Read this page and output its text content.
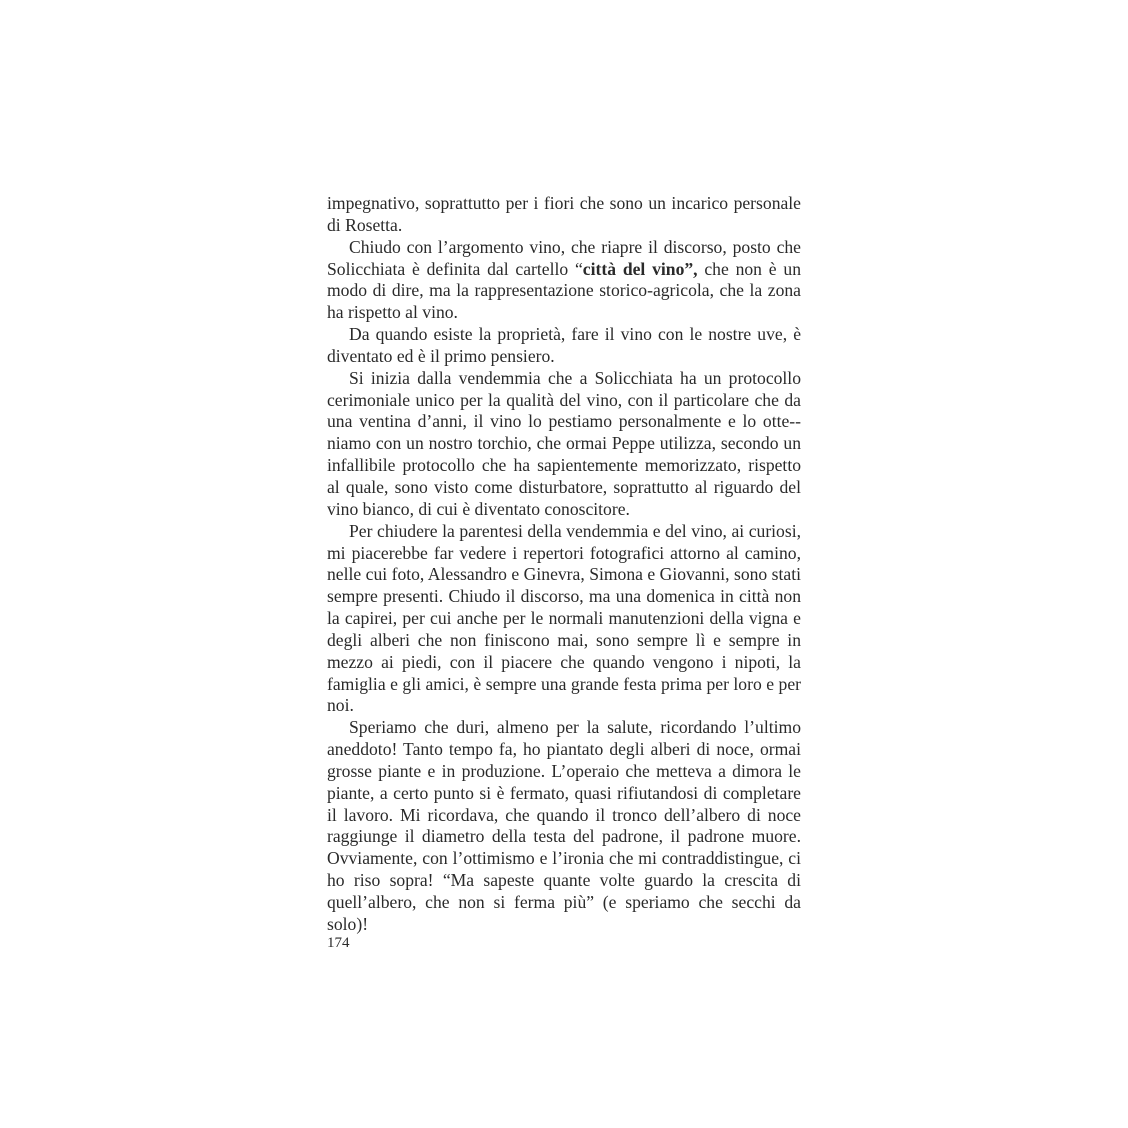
impegnativo, soprattutto per i fiori che sono un incarico personale di Rosetta.

Chiudo con l’argomento vino, che riapre il discorso, posto che Solicchiata è definita dal cartello “città del vino”, che non è un modo di dire, ma la rappresentazione storico-agricola, che la zona ha rispetto al vino.

Da quando esiste la proprietà, fare il vino con le nostre uve, è diventato ed è il primo pensiero.

Si inizia dalla vendemmia che a Solicchiata ha un protocollo cerimoniale unico per la qualità del vino, con il particolare che da una ventina d’anni, il vino lo pestiamo personalmente e lo otte-niamo con un nostro torchio, che ormai Peppe utilizza, secondo un infallibile protocollo che ha sapientemente memorizzato, rispetto al quale, sono visto come disturbatore, soprattutto al riguardo del vino bianco, di cui è diventato conoscitore.

Per chiudere la parentesi della vendemmia e del vino, ai curiosi, mi piacerebbe far vedere i repertori fotografici attorno al camino, nelle cui foto, Alessandro e Ginevra, Simona e Giovanni, sono stati sempre presenti. Chiudo il discorso, ma una domenica in città non la capirei, per cui anche per le normali manutenzioni della vigna e degli alberi che non finiscono mai, sono sempre lì e sempre in mezzo ai piedi, con il piacere che quando vengono i nipoti, la famiglia e gli amici, è sempre una grande festa prima per loro e per noi.

Speriamo che duri, almeno per la salute, ricordando l’ultimo aneddoto! Tanto tempo fa, ho piantato degli alberi di noce, ormai grosse piante e in produzione. L’operaio che metteva a dimora le piante, a certo punto si è fermato, quasi rifiutandosi di completare il lavoro. Mi ricordava, che quando il tronco dell’albero di noce raggiunge il diametro della testa del padrone, il padrone muore. Ovviamente, con l’ottimismo e l’ironia che mi contraddistingue, ci ho riso sopra! “Ma sapeste quante volte guardo la crescita di quell’albero, che non si ferma più” (e speriamo che secchi da solo)!

174
